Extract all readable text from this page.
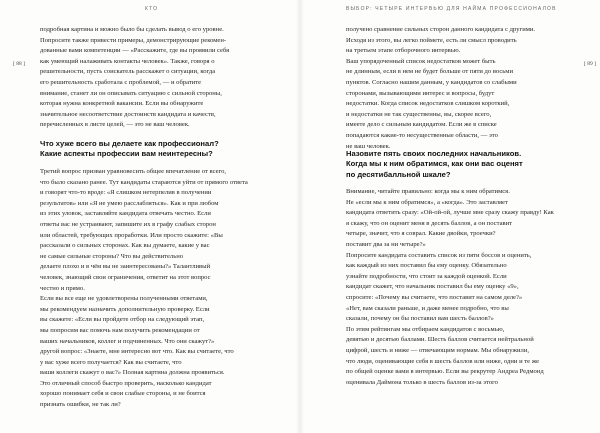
КТО
[ 88 ]
подробная картина и можно было бы сделать вывод о его уровне.
Попросите также привести примеры, демонстрирующие рекомен-
дованные вами компетенции — «Расскажите, где вы проявили себя
как умеющий налаживать контакты человек». Также, говоря о
решительности, пусть соискатель расскажет о ситуации, когда
его решительность сработала с проблемой, — и обратите
внимание, станет ли он описывать ситуацию с сильной стороны,
которая нужна конкретной вакансии. Если вы обнаружите
значительное несоответствие достоинств кандидата и качеств,
перечисленных в листе целей, — это не ваш человек.
Что хуже всего вы делаете как профессионал?
Какие аспекты профессии вам неинтересны?
Третий вопрос призван уравновесить общее впечатление от всего,
что было сказано ранее. Тут кандидаты стараются уйти от прямого ответа
и говорят что-то вроде: «Я слишком нетерпелив в получении
результатов» или «Я не умею расслабляться». Как и при любом
из этих уловок, заставляйте кандидата отвечать честно. Если
ответы вас не устраивают, запишите их в графу слабых сторон
или областей, требующих проработки. Или просто скажите: «Вы
рассказали о сильных сторонах. Как вы думаете, какие у вас
не самые сильные стороны? Что вы действительно
делаете плохо и в чём вы не заинтересованы?» Талантливый
человек, знающий свои ограничения, ответит на этот вопрос
честно и прямо.
Если вы все еще не удовлетворены полученными ответами,
мы рекомендуем назначить дополнительную проверку. Если
вы скажете: «Если вы пройдете отбор на следующий этап,
мы попросим вас помочь нам получить рекомендации от
ваших начальников, коллег и подчиненных. Что они скажут?»
другой вопрос: «Знаете, мне интересно вот что. Как вы считаете, что
у вас хуже всего получается? Как вы считаете, что
ваши коллеги скажут о вас?» Полная картина должна проявиться.
Это отличный способ быстро проверить, насколько кандидат
хорошо понимает себя и свои слабые стороны, и не боится
признать ошибки, не так ли?
ВЫБОР: ЧЕТЫРЕ ИНТЕРВЬЮ ДЛЯ НАЙМА ПРОФЕССИОНАЛОВ
[ 89 ]
получено сравнение сильных сторон данного кандидата с другими.
Исходя из этого, вы легко поймете, есть ли смысл проводить
на третьем этапе отборочного интервью.
Ваш упорядоченный список недостатков может быть
не длинным, если в нем не будет больше от пяти до восьми
пунктов. Согласно нашим данным, у кандидатов со слабыми
сторонами, вызывающими интерес и вопросы, будут
недостатки. Когда список недостатков слишком короткий,
и недостатки не так существенны, вы, скорее всего,
имеете дело с сильным кандидатом. Если же в списке
попадаются какие-то несущественные области, — это
не ваш человек.
Назовите пять своих последних начальников.
Когда мы к ним обратимся, как они вас оценят
по десятибалльной шкале?
Внимание, читайте правильно: когда мы к ним обратимся.
Не «если мы к ним обратимся», а «когда». Это заставляет
кандидата ответить сразу: «Ой-ой-ой, лучше мне сразу скажу правду! Как
я скажу, что он оценит меня в десять баллов, а он поставит
четыре, значит, что я соврал. Какие двойки, троечки?
поставит два за ни четыре?»
Попросите кандидата составить список из пяти боссов и оценить,
как каждый из них поставил бы ему оценку. Обязательно
узнайте подробности, что стоит за каждой оценкой. Если
кандидат скажет, что начальник поставил бы ему оценку «9»,
спросите: «Почему вы считаете, что поставит на самом деле?»
«Нет, вам сказали раньше, и даже менее подробно, что вы
сказали, почему он бы поставил вам шесть баллов?»
По этим рейтингам мы отбираем кандидатов с восьмью,
девятью и десятью баллами. Шесть баллов считается нейтральной
цифрой, шесть и ниже — отвечающим нормам. Мы обнаружили,
что люди, оценивающие себя в шесть баллов или ниже, одни и те же
по общей оценке вами в интервью. Если вы рекрутер Андреа Редмонд
оценивала Даймона только в шесть баллов из-за этого
